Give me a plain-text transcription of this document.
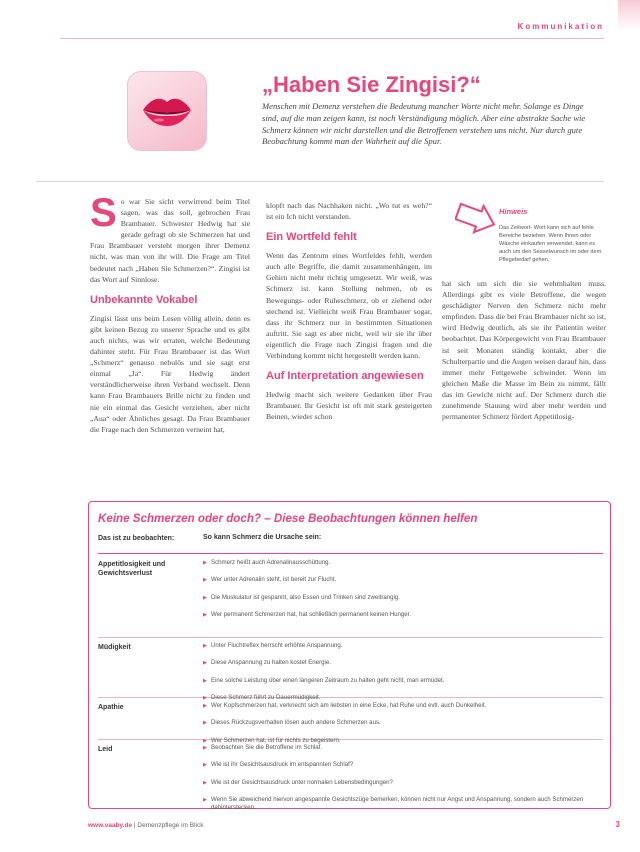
Kommunikation
„Haben Sie Zingisi?“

Menschen mit Demenz verstehen die Bedeutung mancher Worte nicht mehr. Solange es Dinge sind, auf die man zeigen kann, ist noch Verständigung möglich. Aber eine abstrakte Sache wie Schmerz können wir nicht darstellen und die Betroffenen verstehen uns nicht. Nur durch gute Beobachtung kommt man der Wahrheit auf die Spur.

So war Sie sicht verwirrend beim Titel sagen, was das soll, gebrochen Frau Brambauer. Schwester Hedwig hat sie gerade gefragt ob sie Schmerzen hat und Frau Brambauer versteht morgen ihrer Demenz nicht, was man von ihr will. Die Frage am Titel bedeutet nach „Haben Sie Schmerzen?“. Zingisi ist das Wort auf Sinnlose.

Unbekannte Vokabel

Zingisi lässt uns beim Lesen völlig allein, denn es gibt keinen Bezug zu unserer Sprache und es gibt auch nichts, was wir erraten, welche Bedeutung dahinter steht. Für Frau Brambauer ist das Wort „Schmerz“ genauso nebulös und sie sagt erst einmal „Ja“. Für Hedwig ändert verständlicherweise ihren Verband wechselt. Denn kann Frau Brambauers Brille nicht zu finden und nie ein einmal das Gesicht verziehen, aber nicht „Aua“ oder Ähnliches gesagt. Da Frau Brambauer die Frage nach den Schmerzen verneint hat,

klopft nach das Nachhaken nicht. „Wo tut es weh?“ ist ein Ich nicht verstanden.

Ein Wortfeld fehlt

Wenn das Zentrum eines Wortfeldes fehlt, werden auch alle Begriffe, die damit zusammenhängen, im Gehirn nicht mehr richtig umgesetzt. Wir weiß, was Schmerz ist. kann Stellung nehmen, ob es Bewegungs- oder Ruheschmerz, ob er ziehend oder stechend ist. Vielleicht weiß Frau Brambauer sogar, dass ihr Schmerz nur in bestimmten Situationen auftritt. Sie sagt es aber nicht, weil wir sie ihr über eigentlich die Frage nach Zingisi fragen und die Verbindung kommt nicht hergestellt werden kann.

Auf Interpretation angewiesen

Hedwig macht sich weitere Gedanken über Frau Brambauer. Ihr Gesicht ist oft mit stark gesteigerten Beinen, wieder schon

Hinweis
Das Zeitwort- Wort kann sich auf fehle Bereiche beziehen. Wenn Ihnen oder Wäsche einkaufen verwendet, kann es auch um den Sesselwunsch im oder dem Pflegebedarf gehen.

hat sich um sich die sie wehrnhalten muss. Allerdings gibt es viele Betroffene, die wegen geschädigter Nerven den Schmerz nicht mehr empfinden. Dass die bei Frau Brambauer nicht so ist, wird Hedwig deutlich, als sie ihr Patientin weiter beobachtet. Das Körpergewicht von Frau Brambauer ist seit Monaten ständig kontakt, aber die Schulterpartie und die Augen weisen darauf hin, dass immer mehr Fettgewebe schwindet. Wenn im gleichen Maße die Masse im Bein zu nimmt, fällt das im Gewicht nicht auf. Der Schmerz durch die zunehmende Stauung wird aber mehr werden und permanenter Schmerz fördert Appetitlosig-

Keine Schmerzen oder doch? – Diese Beobachtungen können helfen
Das ist zu beobachten:	So kann Schmerz die Ursache sein:
Appetitlosigkeit und Gewichtsverlust
▶ Schmerz heißt auch Adrenalinausschüttung.
▶ Wer unter Adrenalin steht, ist bereit zur Flucht.
▶ Die Muskulatur ist gespannt, also Essen und Trinken sind zweitrangig.
▶ Wer permanent Schmerzen hat, hat schließlich permanent keinen Hunger.
Müdigkeit	▶ Unter Fluchtreflex herrscht erhöhte Anspannung.
▶ Diese Anspannung zu halten kostet Energie.
▶ Eine solche Leistung über einen längeren Zeitraum zu halten geht nicht, man ermüdet.
▶ Diese Schmerz führt zu Dauermüdigkeit.
Apathie	▶ Wer Kopfschmerzen hat, verkriecht sich am liebsten in eine Ecke, hat Ruhe und evtl. auch Dunkelheit.
▶ Dieses Rückzugsverhalten lösen auch andere Schmerzen aus.
▶ Wer Schmerzen hat, ist für nichts zu begeistern.
Leid	▶ Beobachten Sie die Betroffene im Schlaf.
▶ Wie ist ihr Gesichtsausdruck im entspannten Schlaf?
▶ Wie ist der Gesichtsausdruck unter normalen Lebensbedingungen?
▶ Wenn Sie abweichend hiervon angespannte Gesichtszüge bemerken, können nicht nur Angst und Anspannung, sondern auch Schmerzen dahinterstecken.
www.vaaby.de | Demenzpflege im Blick	3
